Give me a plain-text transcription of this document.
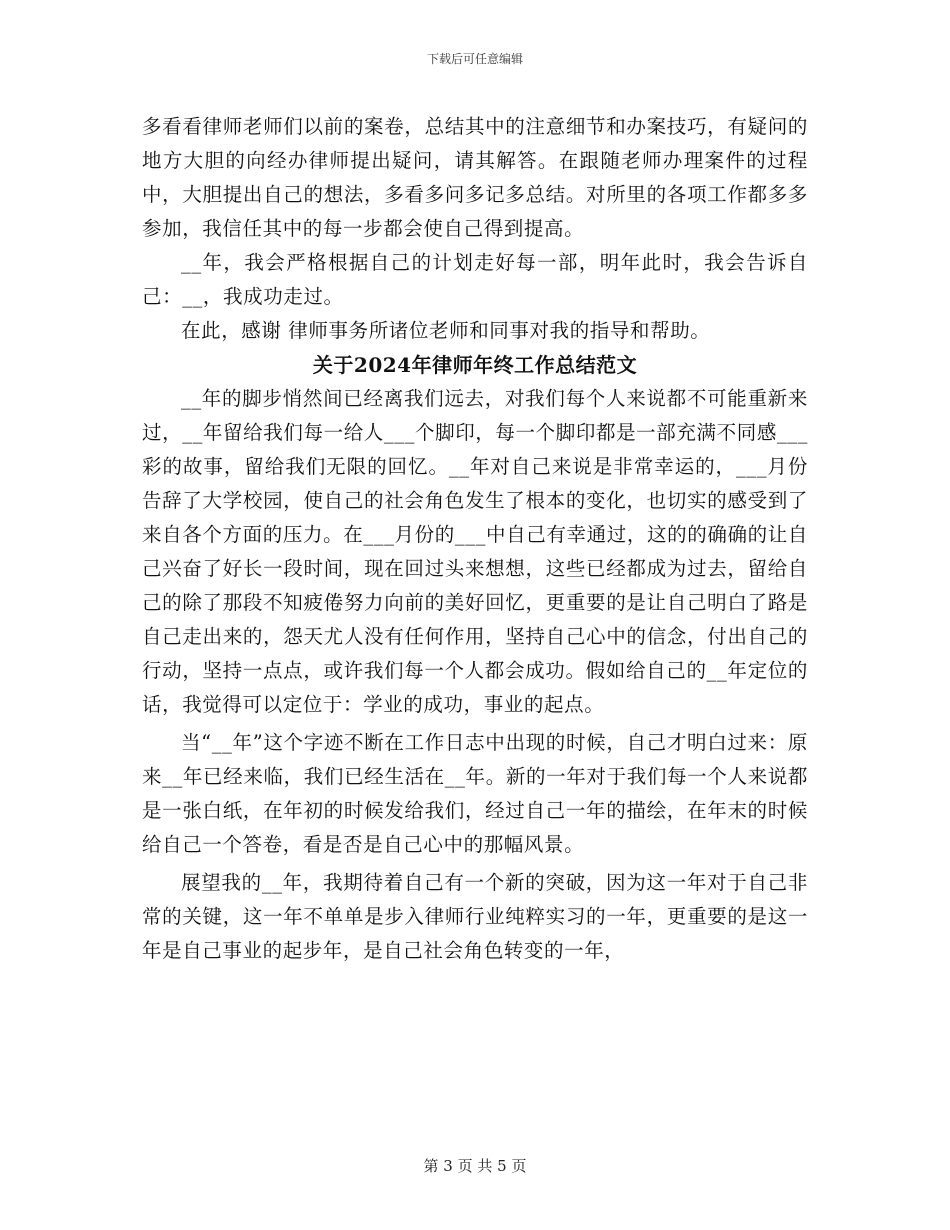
下载后可任意编辑

多看看律师老师们以前的案卷，总结其中的注意细节和办案技巧，有疑问的地方大胆的向经办律师提出疑问，请其解答。在跟随老师办理案件的过程中，大胆提出自己的想法，多看多问多记多总结。对所里的各项工作都多多参加，我信任其中的每一步都会使自己得到提高。

__年，我会严格根据自己的计划走好每一部，明年此时，我会告诉自己：__，我成功走过。

在此，感谢 律师事务所诸位老师和同事对我的指导和帮助。

关于2024年律师年终工作总结范文

__年的脚步悄然间已经离我们远去，对我们每个人来说都不可能重新来过，__年留给我们每一给人___个脚印，每一个脚印都是一部充满不同感___彩的故事，留给我们无限的回忆。__年对自己来说是非常幸运的，___月份告辞了大学校园，使自己的社会角色发生了根本的变化，也切实的感受到了来自各个方面的压力。在___月份的___中自己有幸通过，这的的确确的让自己兴奋了好长一段时间，现在回过头来想想，这些已经都成为过去，留给自己的除了那段不知疲倦努力向前的美好回忆，更重要的是让自己明白了路是自己走出来的，怨天尤人没有任何作用，坚持自己心中的信念，付出自己的行动，坚持一点点，或许我们每一个人都会成功。假如给自己的__年定位的话，我觉得可以定位于：学业的成功，事业的起点。

当“__年”这个字迹不断在工作日志中出现的时候，自己才明白过来：原来__年已经来临，我们已经生活在__年。新的一年对于我们每一个人来说都是一张白纸，在年初的时候发给我们，经过自己一年的描绘，在年末的时候给自己一个答卷，看是否是自己心中的那幅风景。

展望我的__年，我期待着自己有一个新的突破，因为这一年对于自己非常的关键，这一年不单单是步入律师行业纯粹实习的一年，更重要的是这一年是自己事业的起步年，是自己社会角色转变的一年，

第 3 页 共 5 页
